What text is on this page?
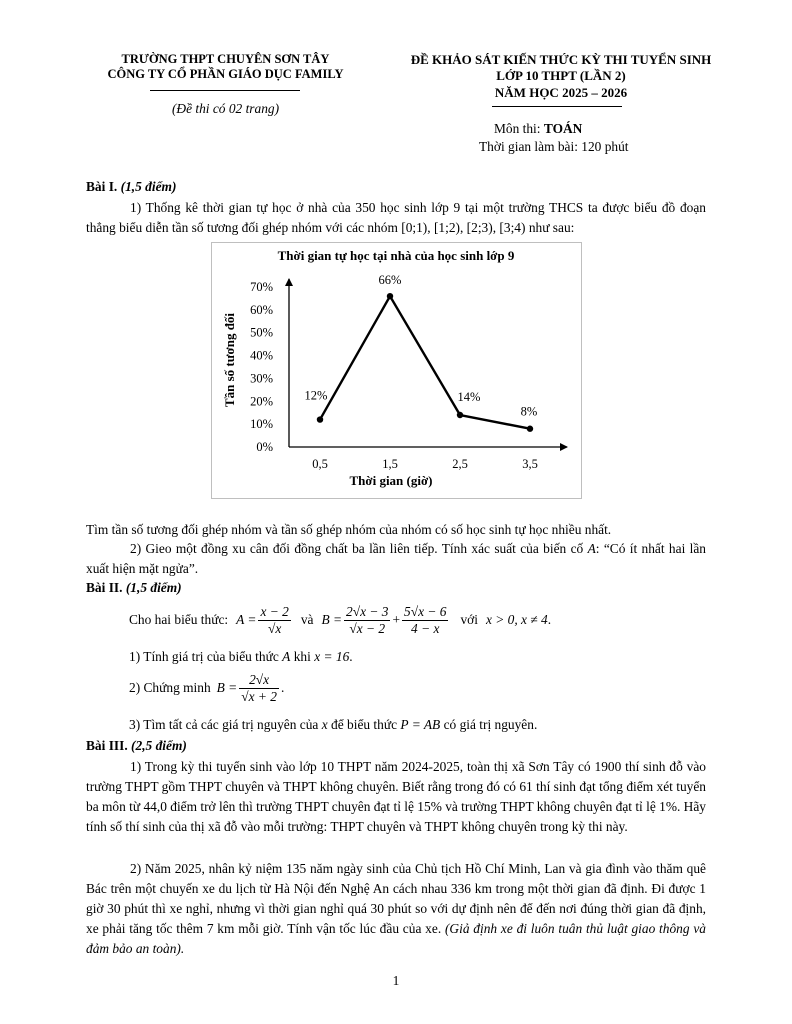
TRƯỜNG THPT CHUYÊN SƠN TÂY
CÔNG TY CỔ PHẦN GIÁO DỤC FAMILY
(Đề thi có 02 trang)
ĐỀ KHẢO SÁT KIẾN THỨC KỲ THI TUYỂN SINH
LỚP 10 THPT (LẦN 2)
NĂM HỌC 2025 – 2026
Môn thi: TOÁN
Thời gian làm bài: 120 phút
Bài I. (1,5 điểm)
1) Thống kê thời gian tự học ở nhà của 350 học sinh lớp 9 tại một trường THCS ta được biểu đồ đoạn thẳng biểu diễn tần số tương đối ghép nhóm với các nhóm [0;1), [1;2), [2;3), [3;4) như sau:
Thời gian tự học tại nhà của học sinh lớp 9
Tần số tương đối
Thời gian (giờ)
0%
10%
20%
30%
40%
50%
60%
70%
0,5	1,5	2,5	3,5
12%
66%
14%
8%
Tìm tần số tương đối ghép nhóm và tần số ghép nhóm của nhóm có số học sinh tự học nhiều nhất.
2) Gieo một đồng xu cân đối đồng chất ba lần liên tiếp. Tính xác suất của biến cố A: “Có ít nhất hai lần xuất hiện mặt ngửa”.
Bài II. (1,5 điểm)
Cho hai biểu thức: $A = \frac{x - 2}{√x}$ và $B = \frac{2√x - 3}{√x - 2} + \frac{5√x - 6}{4 - x}$ với x > 0, x ≠ 4 .
1) Tính giá trị của biểu thức A khi x = 16.
2) Chứng minh $B = \frac{2√x}{√x + 2}$ .
3) Tìm tất cả các giá trị nguyên của x để biểu thức P = AB có giá trị nguyên.
Bài III. (2,5 điểm)
1) Trong kỳ thi tuyển sinh vào lớp 10 THPT năm 2024-2025, toàn thị xã Sơn Tây có 1900 thí sinh đỗ vào trường THPT gồm THPT chuyên và THPT không chuyên. Biết rằng trong đó có 61 thí sinh đạt tổng điểm xét tuyển ba môn từ 44,0 điểm trở lên thì trường THPT chuyên đạt tỉ lệ 15% và trường THPT không chuyên đạt tỉ lệ 1%. Hãy tính số thí sinh của thị xã đỗ vào mỗi trường: THPT chuyên và THPT không chuyên trong kỳ thi này.
2) Năm 2025, nhân kỷ niệm 135 năm ngày sinh của Chủ tịch Hồ Chí Minh, Lan và gia đình vào thăm quê Bác trên một chuyến xe du lịch từ Hà Nội đến Nghệ An cách nhau 336 km trong một thời gian đã định. Đi được 1 giờ 30 phút thì xe nghỉ, nhưng vì thời gian nghỉ quá 30 phút so với dự định nên để đến nơi đúng thời gian đã định, xe phải tăng tốc thêm 7 km mỗi giờ. Tính vận tốc lúc đầu của xe. (Giả định xe đi luôn tuân thủ luật giao thông và đảm bảo an toàn).
1
